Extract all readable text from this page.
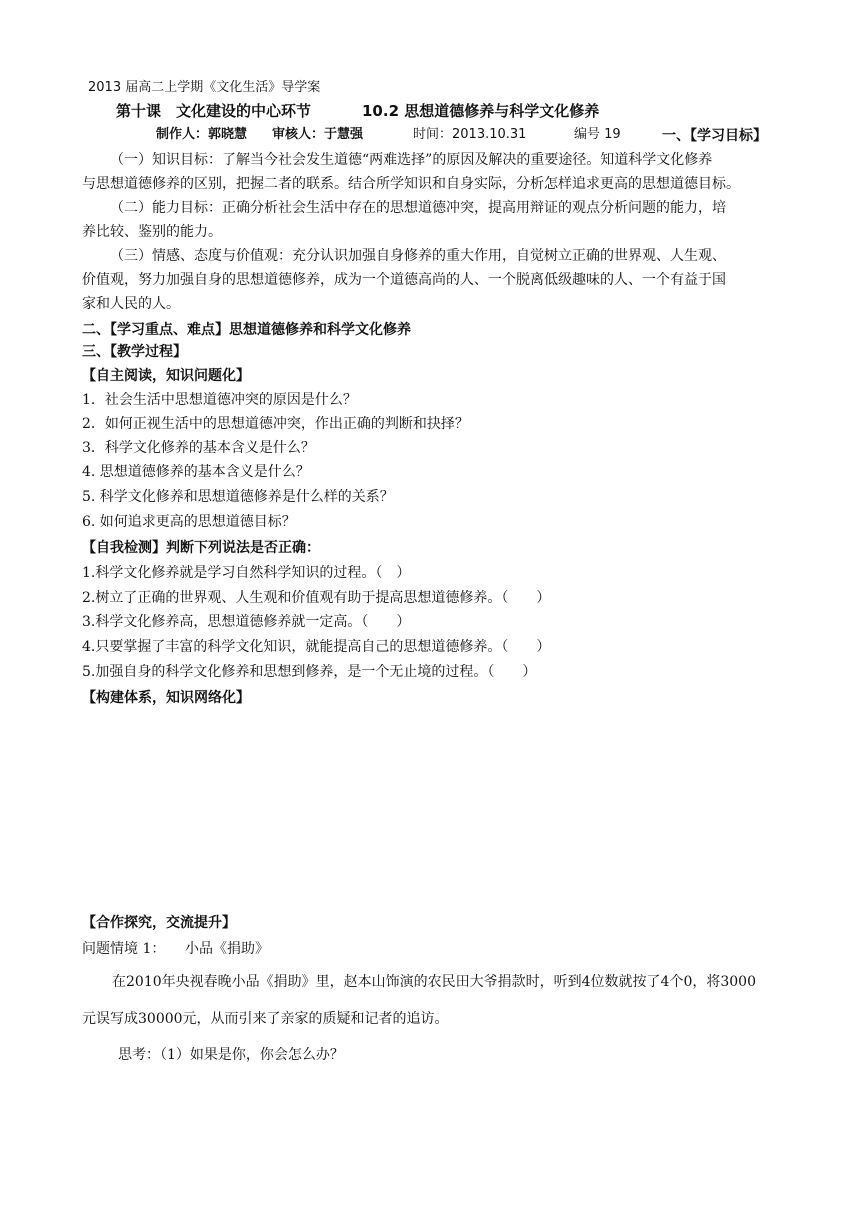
2013 届高二上学期《文化生活》导学案
第十课　文化建设的中心环节	10.2 思想道德修养与科学文化修养
制作人：郭晓慧 审核人：于慧强	时间：2013.10.31	编号 19	一、【学习目标】
（一）知识目标：了解当今社会发生道德“两难选择”的原因及解决的重要途径。知道科学文化修养
与思想道德修养的区别，把握二者的联系。结合所学知识和自身实际，分析怎样追求更高的思想道德目标。
（二）能力目标：正确分析社会生活中存在的思想道德冲突，提高用辩证的观点分析问题的能力，培
养比较、鉴别的能力。
（三）情感、态度与价值观：充分认识加强自身修养的重大作用，自觉树立正确的世界观、人生观、
价值观，努力加强自身的思想道德修养，成为一个道德高尚的人、一个脱离低级趣味的人、一个有益于国
家和人民的人。
二、【学习重点、难点】思想道德修养和科学文化修养
三、【教学过程】
【自主阅读，知识问题化】
1．社会生活中思想道德冲突的原因是什么？
2．如何正视生活中的思想道德冲突，作出正确的判断和抉择？
3．科学文化修养的基本含义是什么？
4. 思想道德修养的基本含义是什么？
5. 科学文化修养和思想道德修养是什么样的关系？
6. 如何追求更高的思想道德目标？
【自我检测】判断下列说法是否正确：
1.科学文化修养就是学习自然科学知识的过程。（　）
2.树立了正确的世界观、人生观和价值观有助于提高思想道德修养。（　　）
3.科学文化修养高，思想道德修养就一定高。（　　）
4.只要掌握了丰富的科学文化知识，就能提高自己的思想道德修养。（　　）
5.加强自身的科学文化修养和思想到修养，是一个无止境的过程。（　　）
【构建体系，知识网络化】
【合作探究，交流提升】
问题情境 1： 小品《捐助》
在2010年央视春晚小品《捐助》里，赵本山饰演的农民田大爷捐款时，听到4位数就按了4个0，将3000
元误写成30000元，从而引来了亲家的质疑和记者的追访。
思考：（1）如果是你，你会怎么办？
